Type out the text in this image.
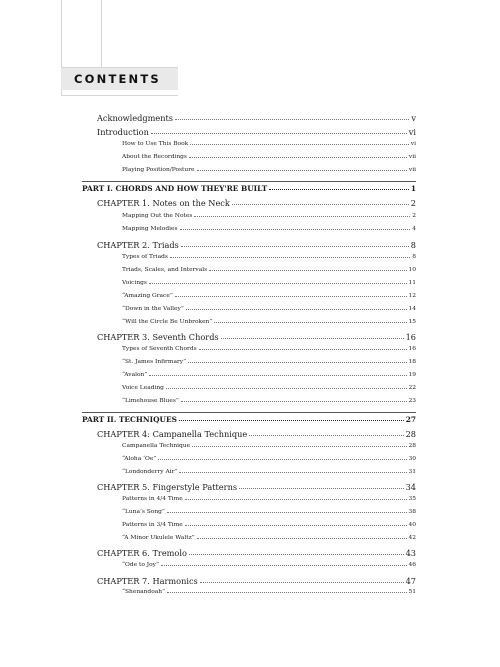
CONTENTS
Acknowledgments	v
Introduction	vi
How to Use This Book	vi
About the Recordings	vii
Playing Position/Posture	vii
PART I. CHORDS AND HOW THEY'RE BUILT	1
CHAPTER 1. Notes on the Neck	2
Mapping Out the Notes	2
Mapping Melodies	4
CHAPTER 2. Triads	8
Types of Triads	8
Triads, Scales, and Intervals	10
Voicings	11
“Amazing Grace”	12
“Down in the Valley”	14
“Will the Circle Be Unbroken”	15
CHAPTER 3. Seventh Chords	16
Types of Seventh Chords	16
“St. James Infirmary”	18
“Avalon”	19
Voice Leading	22
“Limehouse Blues”	23
PART II. TECHNIQUES	27
CHAPTER 4: Campanella Technique	28
Campanella Technique	28
“Aloha ‘Oe”	30
“Londonderry Air”	31
CHAPTER 5. Fingerstyle Patterns	34
Patterns in 4/4 Time	35
“Luna’s Song”	38
Patterns in 3/4 Time	40
“A Minor Ukulele Waltz”	42
CHAPTER 6. Tremolo	43
“Ode to Joy”	46
CHAPTER 7. Harmonics	47
“Shenandoah”	51
